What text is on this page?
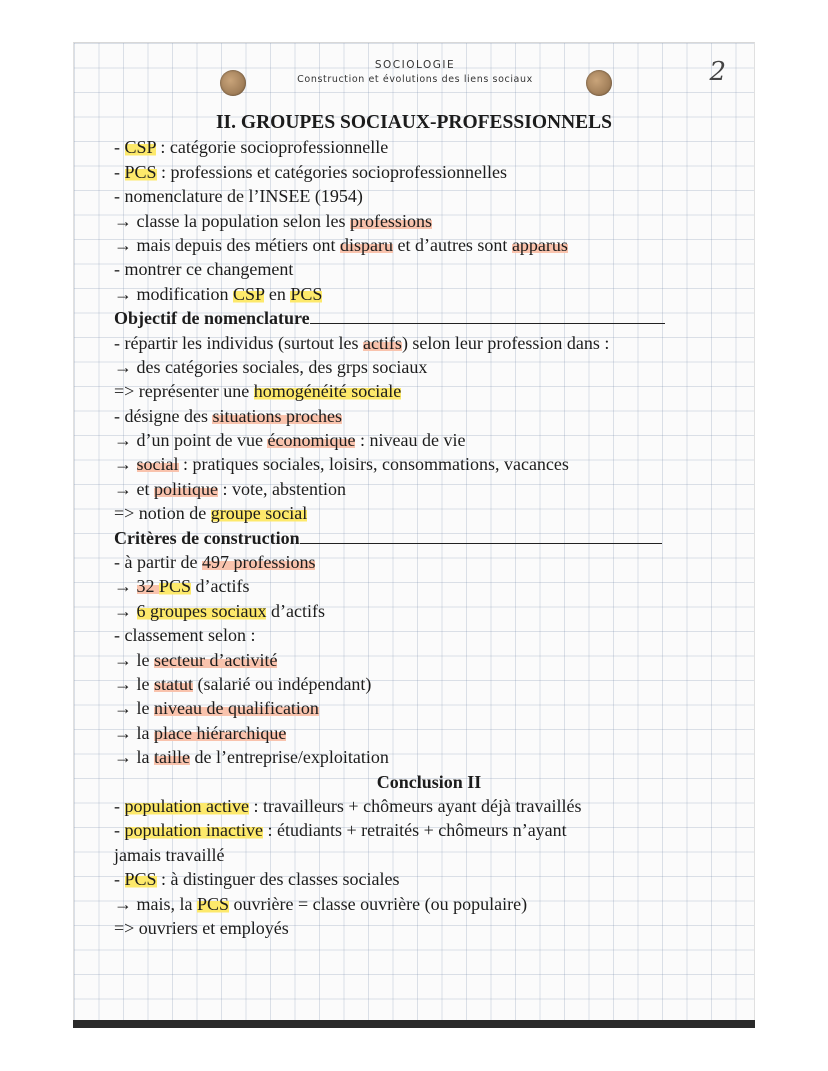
SOCIOLOGIE
Construction et évolutions des liens sociaux	2
II. GROUPES SOCIAUX-PROFESSIONNELS
- CSP : catégorie socioprofessionnelle
- PCS : professions et catégories socioprofessionnelles
- nomenclature de l’INSEE (1954)
→ classe la population selon les professions
→ mais depuis des métiers ont disparu et d’autres sont apparus
- montrer ce changement
→ modification CSP en PCS
Objectif de nomenclature
- répartir les individus (surtout les actifs) selon leur profession dans :
→ des catégories sociales, des grps sociaux
=> représenter une homogénéité sociale
- désigne des situations proches
→ d’un point de vue économique : niveau de vie
→ social : pratiques sociales, loisirs, consommations, vacances
→ et politique : vote, abstention
=> notion de groupe social
Critères de construction
- à partir de 497 professions
→ 32 PCS d’actifs
→ 6 groupes sociaux d’actifs
- classement selon :
→ le secteur d’activité
→ le statut (salarié ou indépendant)
→ le niveau de qualification
→ la place hiérarchique
→ la taille de l’entreprise/exploitation
Conclusion II
- population active : travailleurs + chômeurs ayant déjà travaillés
- population inactive : étudiants + retraités + chômeurs n’ayant
jamais travaillé
- PCS : à distinguer des classes sociales
→ mais, la PCS ouvrière = classe ouvrière (ou populaire)
=> ouvriers et employés
